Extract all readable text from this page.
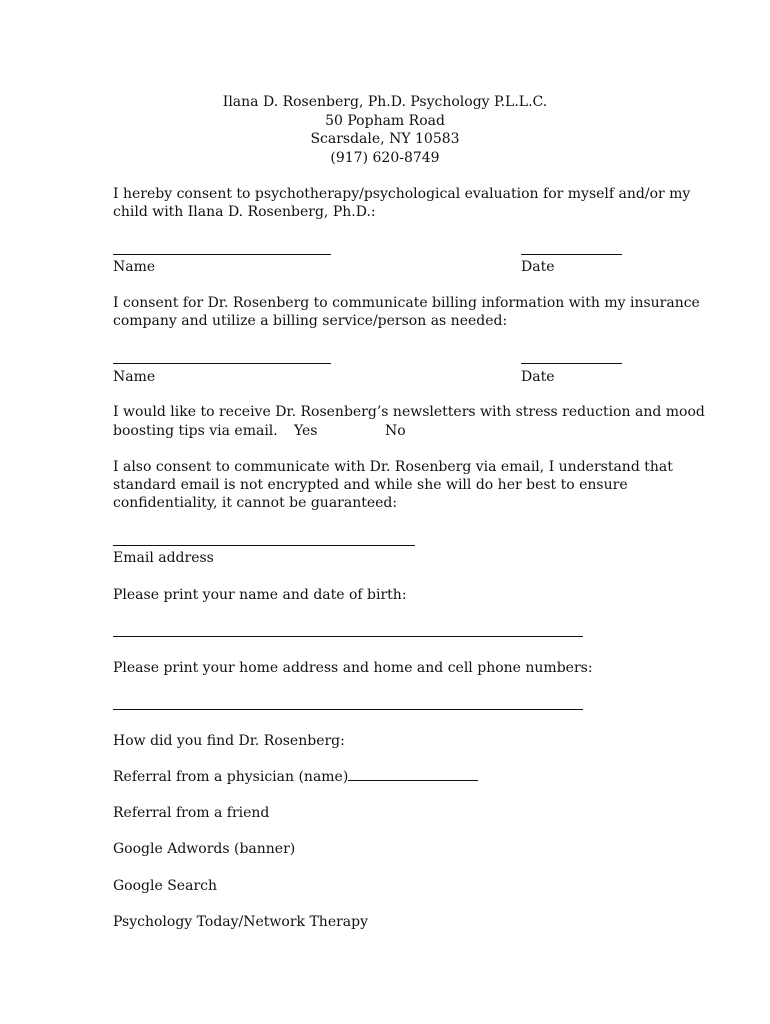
Ilana D. Rosenberg, Ph.D. Psychology P.L.L.C.
50 Popham Road
Scarsdale, NY 10583
(917) 620-8749
I hereby consent to psychotherapy/psychological evaluation for myself and/or my
child with Ilana D. Rosenberg, Ph.D.:
Name	Date
I consent for Dr. Rosenberg to communicate billing information with my insurance
company and utilize a billing service/person as needed:
Name	Date
I would like to receive Dr. Rosenberg’s newsletters with stress reduction and mood
boosting tips via email. Yes	No
I also consent to communicate with Dr. Rosenberg via email, I understand that
standard email is not encrypted and while she will do her best to ensure
confidentiality, it cannot be guaranteed:
Email address
Please print your name and date of birth:
Please print your home address and home and cell phone numbers:
How did you find Dr. Rosenberg:
Referral from a physician (name)
Referral from a friend
Google Adwords (banner)
Google Search
Psychology Today/Network Therapy
